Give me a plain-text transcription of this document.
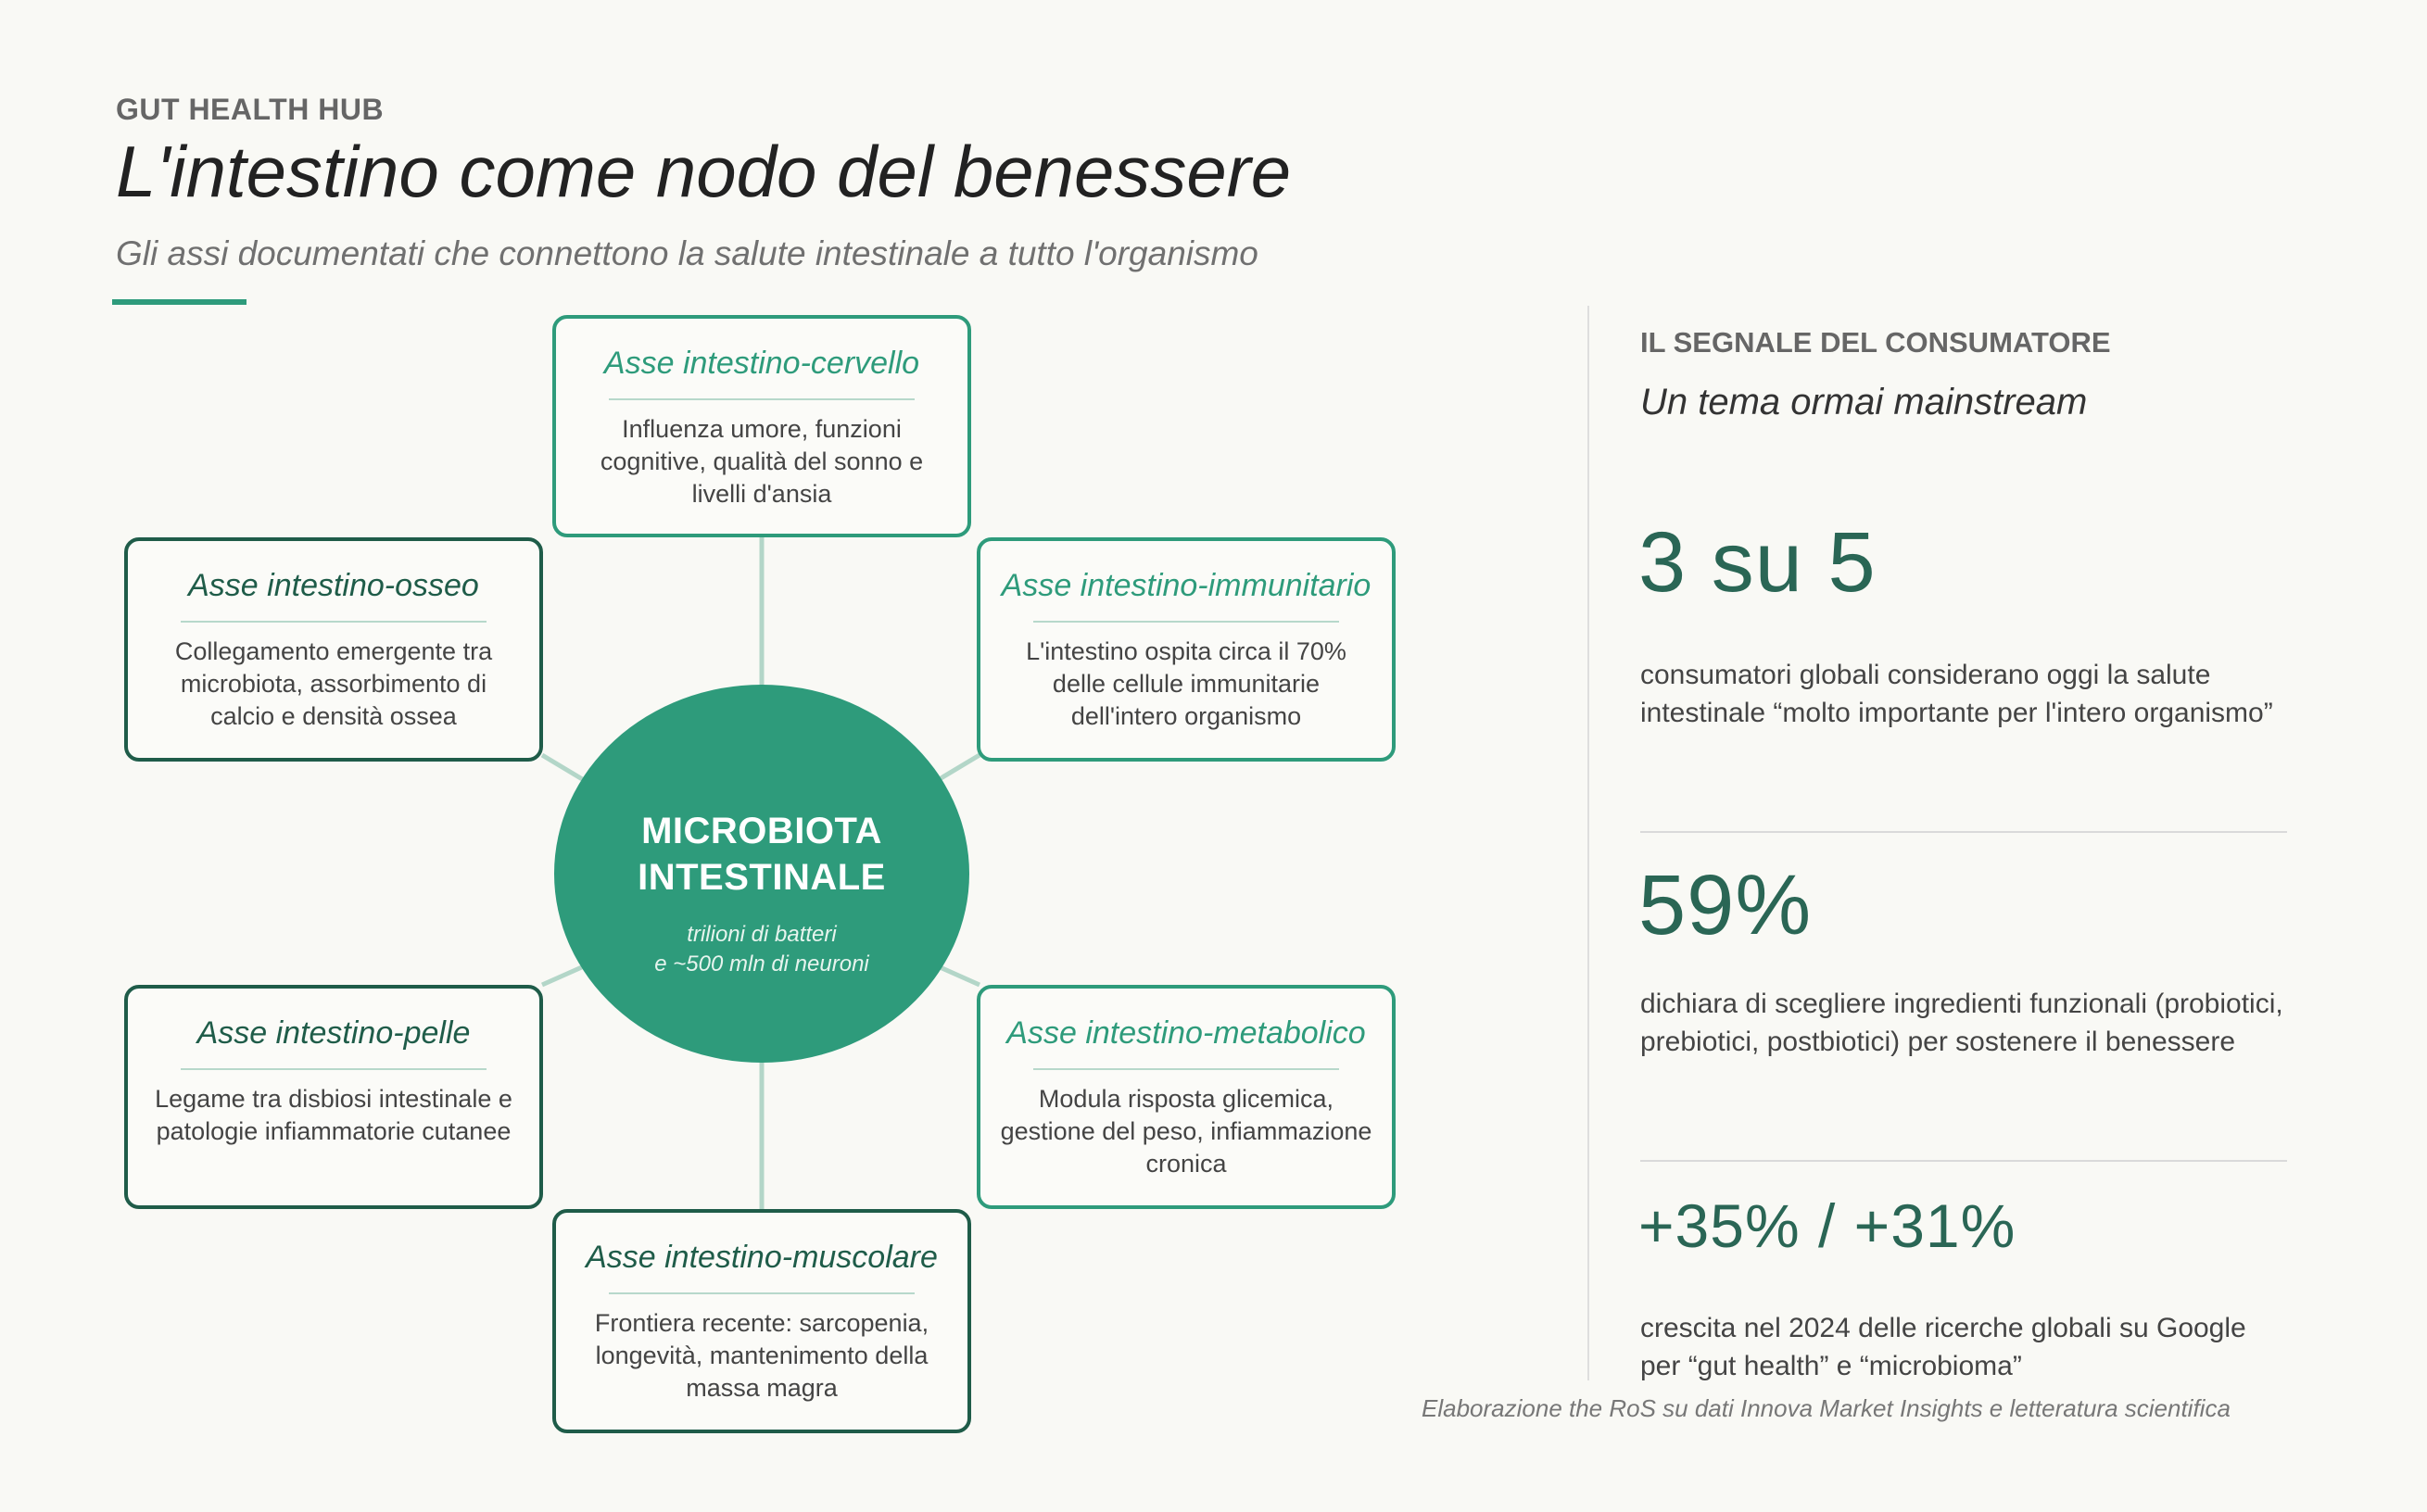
GUT HEALTH HUB
L'intestino come nodo del benessere
Gli assi documentati che connettono la salute intestinale a tutto l'organismo
Asse intestino-cervello
Influenza umore, funzioni cognitive, qualità del sonno e livelli d'ansia
Asse intestino-osseo
Collegamento emergente tra microbiota, assorbimento di calcio e densità ossea
Asse intestino-immunitario
L'intestino ospita circa il 70% delle cellule immunitarie dell'intero organismo
Asse intestino-pelle
Legame tra disbiosi intestinale e patologie infiammatorie cutanee
Asse intestino-metabolico
Modula risposta glicemica, gestione del peso, infiammazione cronica
Asse intestino-muscolare
Frontiera recente: sarcopenia, longevità, mantenimento della massa magra
MICROBIOTA INTESTINALE
trilioni di batteri
e ~500 mln di neuroni
IL SEGNALE DEL CONSUMATORE
Un tema ormai mainstream
3 su 5
consumatori globali considerano oggi la salute intestinale “molto importante per l'intero organismo”
59%
dichiara di scegliere ingredienti funzionali (probiotici, prebiotici, postbiotici) per sostenere il benessere
+35% / +31%
crescita nel 2024 delle ricerche globali su Google per “gut health” e “microbioma”
Elaborazione the RoS su dati Innova Market Insights e letteratura scientifica
